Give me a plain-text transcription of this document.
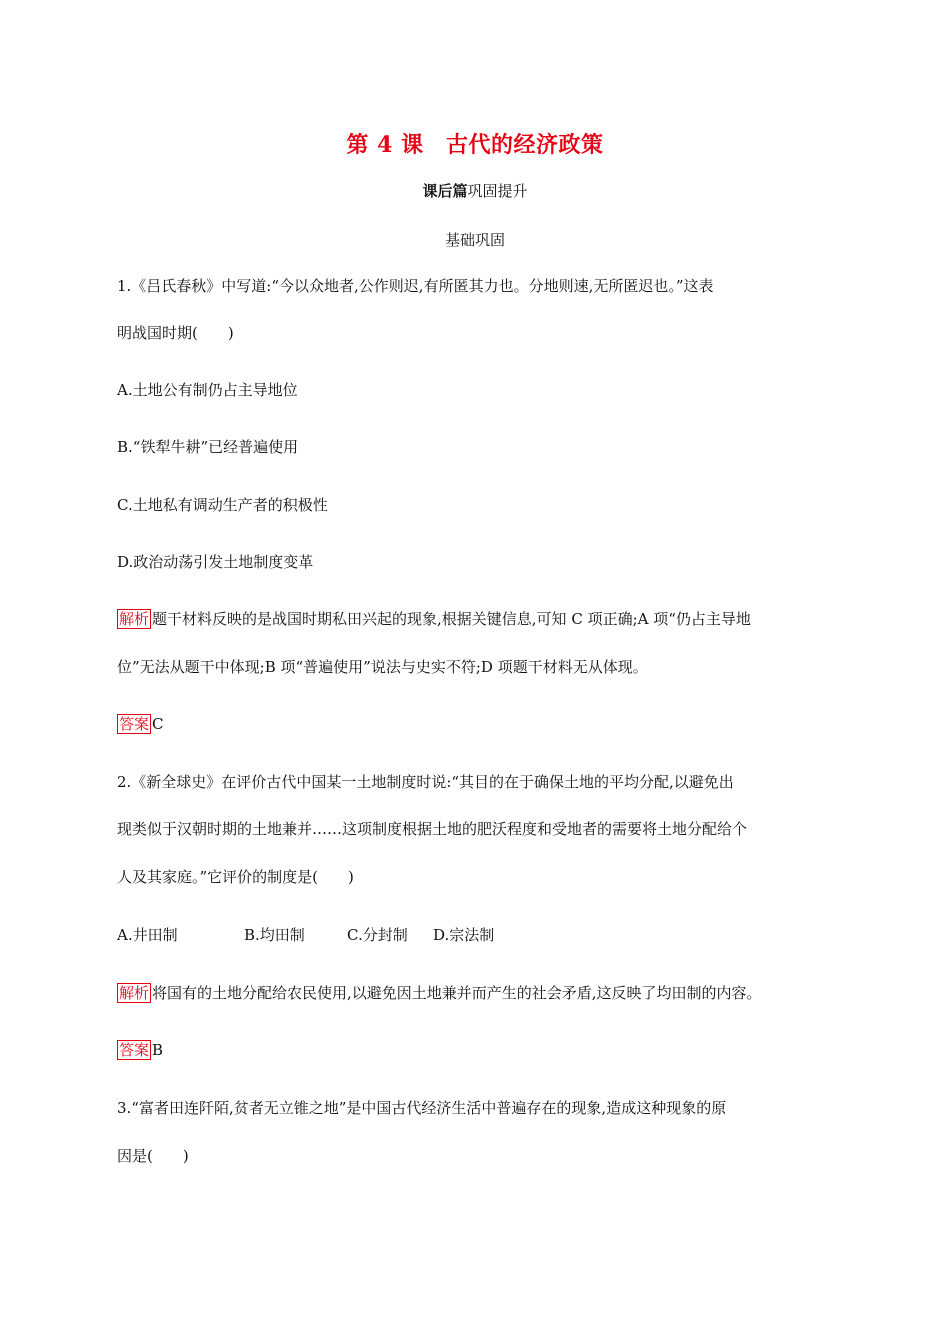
第 4 课　古代的经济政策
课后篇巩固提升
基础巩固
1.《吕氏春秋》中写道:“今以众地者,公作则迟,有所匿其力也。分地则速,无所匿迟也。”这表
明战国时期(　　)
A.土地公有制仍占主导地位
B.“铁犁牛耕”已经普遍使用
C.土地私有调动生产者的积极性
D.政治动荡引发土地制度变革
解析 题干材料反映的是战国时期私田兴起的现象,根据关键信息,可知 C 项正确;A 项“仍占主导地
位”无法从题干中体现;B 项“普遍使用”说法与史实不符;D 项题干材料无从体现。
答案 C
2.《新全球史》在评价古代中国某一土地制度时说:“其目的在于确保土地的平均分配,以避免出
现类似于汉朝时期的土地兼并……这项制度根据土地的肥沃程度和受地者的需要将土地分配给个
人及其家庭。”它评价的制度是(　　)
A.井田制	B.均田制	C.分封制 D.宗法制
解析 将国有的土地分配给农民使用,以避免因土地兼并而产生的社会矛盾,这反映了均田制的内容。
答案 B
3.“富者田连阡陌,贫者无立锥之地”是中国古代经济生活中普遍存在的现象,造成这种现象的原
因是(　　)
